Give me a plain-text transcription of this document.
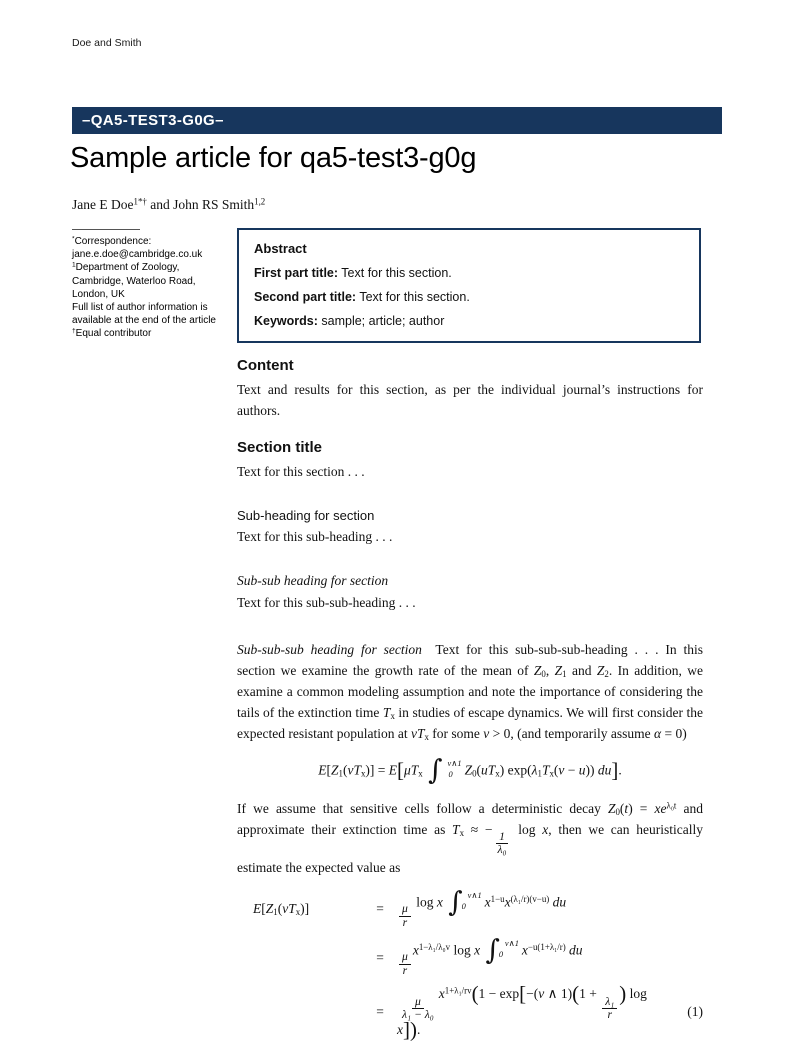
Doe and Smith
–QA5-TEST3-G0G–
Sample article for qa5-test3-g0g
Jane E Doe$^{1*\dagger}$ and John RS Smith$^{1,2}$
*Correspondence:
jane.e.doe@cambridge.co.uk
$^1$Department of Zoology,
Cambridge, Waterloo Road,
London, UK
Full list of author information is
available at the end of the article
†Equal contributor
Abstract
First part title: Text for this section.
Second part title: Text for this section.
Keywords: sample; article; author
Content

Text and results for this section, as per the individual journal’s instructions for authors.

Section title

Text for this section . . .

Sub-heading for section

Text for this sub-heading . . .

Sub-sub heading for section

Text for this sub-sub-heading . . .

Sub-sub-sub heading for section Text for this sub-sub-sub-heading . . . In this section we examine the growth rate of the mean of $Z_0$, $Z_1$ and $Z_2$. In addition, we examine a common modeling assumption and note the importance of considering the tails of the extinction time $T_x$ in studies of escape dynamics. We will first consider the expected resistant population at $vT_x$ for some v > 0, (and temporarily assume α = 0)

$E[Z_1(vT_x)] = E[\mu T_x$ ∫ v∧1
0 $Z_0(uT_x) \exp(\lambda_1T_x(v - u))$ du].

If we assume that sensitive cells follow a deterministic decay $Z_0(t) = xe^{\lambda_0t}$ and approximate their extinction time as $T_x$ ≈ −
$\frac{1}{\text{λ₀}}$
log x, then we can heuristically estimate the expected value as

$E[Z_1(vT_x)]$	=	$\frac{\mu}{r}$
log x ∫ v∧1
0	$x^{1-u}x^{(\lambda_1/r)(v-u)}$ du
=	$\frac{\mu}{r}$
$x^{1-\lambda_1/\lambda_0v}$ log x ∫ v∧1
0	$x^{-u(1+\lambda_1/r)}$ du
=	$\frac{\mu}{\text{λ₁ − λ₀}}$
$x^{1+\lambda_1/rv}(1 - \exp[-(v$ ∧ 1)(1 +
$\frac{\text{λ₁}}{r}$
) log x]).
(1)
